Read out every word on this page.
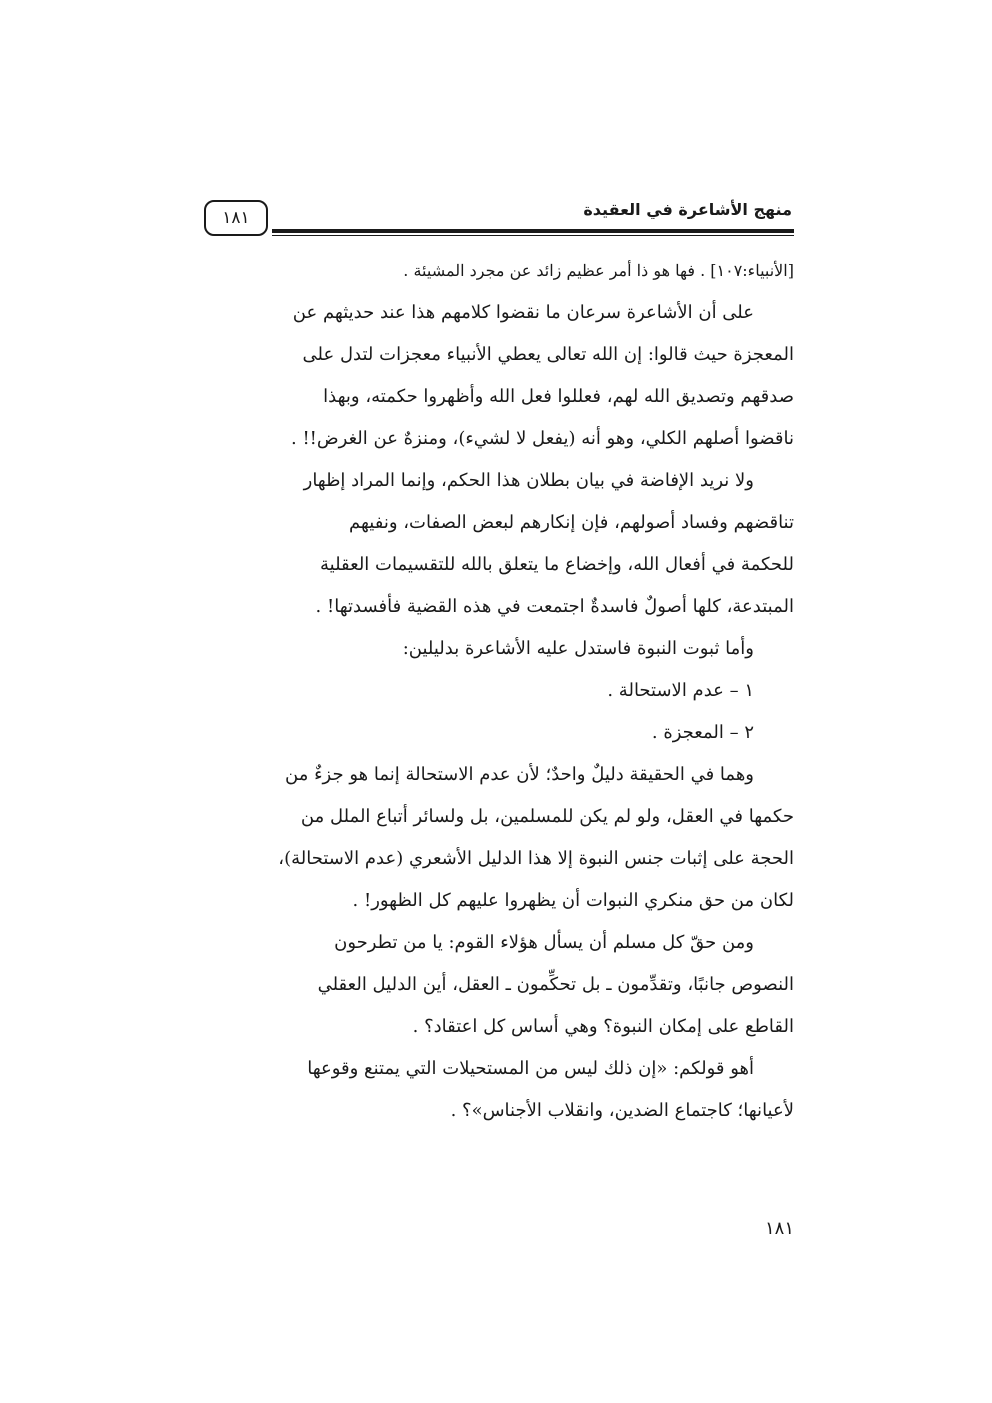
١٨١	منهج الأشاعرة في العقيدة
[الأنبياء:١٠٧] . فها هو ذا أمر عظيم زائد عن مجرد المشيئة .
على أن الأشاعرة سرعان ما نقضوا كلامهم هذا عند حديثهم عن
المعجزة حيث قالوا: إن الله تعالى يعطي الأنبياء معجزات لتدل على
صدقهم وتصديق الله لهم، فعللوا فعل الله وأظهروا حكمته، وبهذا
ناقضوا أصلهم الكلي، وهو أنه (يفعل لا لشيء)، ومنزهٌ عن الغرض!! .
ولا نريد الإفاضة في بيان بطلان هذا الحكم، وإنما المراد إظهار
تناقضهم وفساد أصولهم، فإن إنكارهم لبعض الصفات، ونفيهم
للحكمة في أفعال الله، وإخضاع ما يتعلق بالله للتقسيمات العقلية
المبتدعة، كلها أصولٌ فاسدةٌ اجتمعت في هذه القضية فأفسدتها! .
وأما ثبوت النبوة فاستدل عليه الأشاعرة بدليلين:
١ – عدم الاستحالة .
٢ – المعجزة .
وهما في الحقيقة دليلٌ واحدٌ؛ لأن عدم الاستحالة إنما هو جزءٌ من
حكمها في العقل، ولو لم يكن للمسلمين، بل ولسائر أتباع الملل من
الحجة على إثبات جنس النبوة إلا هذا الدليل الأشعري (عدم الاستحالة)،
لكان من حق منكري النبوات أن يظهروا عليهم كل الظهور! .
ومن حقّ كل مسلم أن يسأل هؤلاء القوم: يا من تطرحون
النصوص جانبًا، وتقدِّمون ـ بل تحكِّمون ـ العقل، أين الدليل العقلي
القاطع على إمكان النبوة؟ وهي أساس كل اعتقاد؟ .
أهو قولكم: «إن ذلك ليس من المستحيلات التي يمتنع وقوعها
لأعيانها؛ كاجتماع الضدين، وانقلاب الأجناس»؟ .
١٨١
